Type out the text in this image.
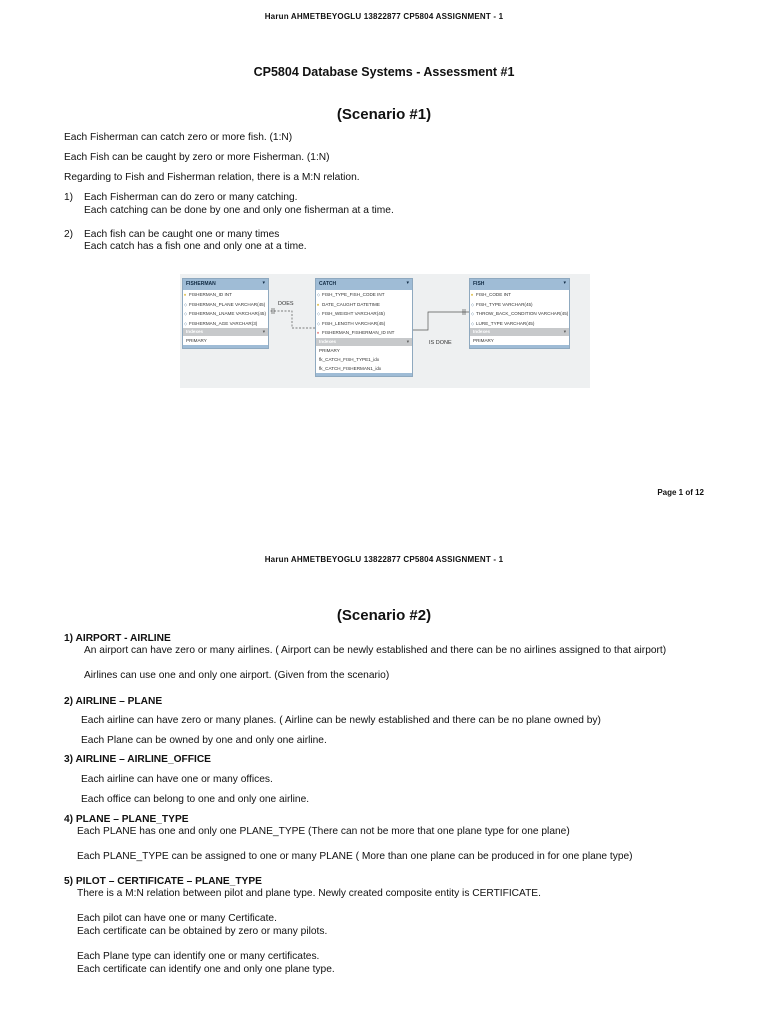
Harun AHMETBEYOGLU 13822877 CP5804 ASSIGNMENT - 1
CP5804 Database Systems - Assessment #1
(Scenario #1)
Each Fisherman can catch zero or more fish. (1:N)
Each Fish can be caught by zero or more Fisherman. (1:N)
Regarding to Fish and Fisherman relation, there is a M:N relation.
1) Each Fisherman can do zero or many catching.
Each catching can be done by one and only one fisherman at a time.
2) Each fish can be caught one or many times
Each catch has a fish one and only one at a time.
DOES
IS DONE
FISHERMAN	▾
♦ FISHERMAN_ID INT
◇ FISHERMAN_PLANE VARCHAR(45)
◇ FISHERMAN_LNAME VARCHAR(45)
◇ FISHERMAN_AGE VARCHAR(3)
Indexes	▾
PRIMARY
CATCH	▾
◇ FISH_TYPE_FISH_CODE INT
♦ DATE_CAUGHT DATETIME
◇ FISH_WEIGHT VARCHAR(45)
◇ FISH_LENGTH VARCHAR(45)
♦ FISHERMAN_FISHERMAN_ID INT
Indexes	▾
PRIMARY
fk_CATCH_FISH_TYPE1_idx
fk_CATCH_FISHERMAN1_idx
FISH	▾
♦ FISH_CODE INT
◇ FISH_TYPE VARCHAR(45)
◇ THROW_BACK_CONDITION VARCHAR(45)
◇ LURE_TYPE VARCHAR(45)
Indexes	▾
PRIMARY
Page 1 of 12
Harun AHMETBEYOGLU 13822877 CP5804 ASSIGNMENT - 1
(Scenario #2)
1) AIRPORT - AIRLINE
An airport can have zero or many airlines. ( Airport can be newly established and there can be no airlines assigned to that airport)
Airlines can use one and only one airport. (Given from the scenario)
2) AIRLINE – PLANE
Each airline can have zero or many planes. ( Airline can be newly established and there can be no plane owned by)
Each Plane can be owned by one and only one airline.
3) AIRLINE – AIRLINE_OFFICE
Each airline can have one or many offices.
Each office can belong to one and only one airline.
4) PLANE – PLANE_TYPE
Each PLANE has one and only one PLANE_TYPE (There can not be more that one plane type for one plane)
Each PLANE_TYPE can be assigned to one or many PLANE ( More than one plane can be produced in for one plane type)
5) PILOT – CERTIFICATE – PLANE_TYPE
There is a M:N relation between pilot and plane type. Newly created composite entity is CERTIFICATE.
Each pilot can have one or many Certificate.
Each certificate can be obtained by zero or many pilots.
Each Plane type can identify one or many certificates.
Each certificate can identify one and only one plane type.
